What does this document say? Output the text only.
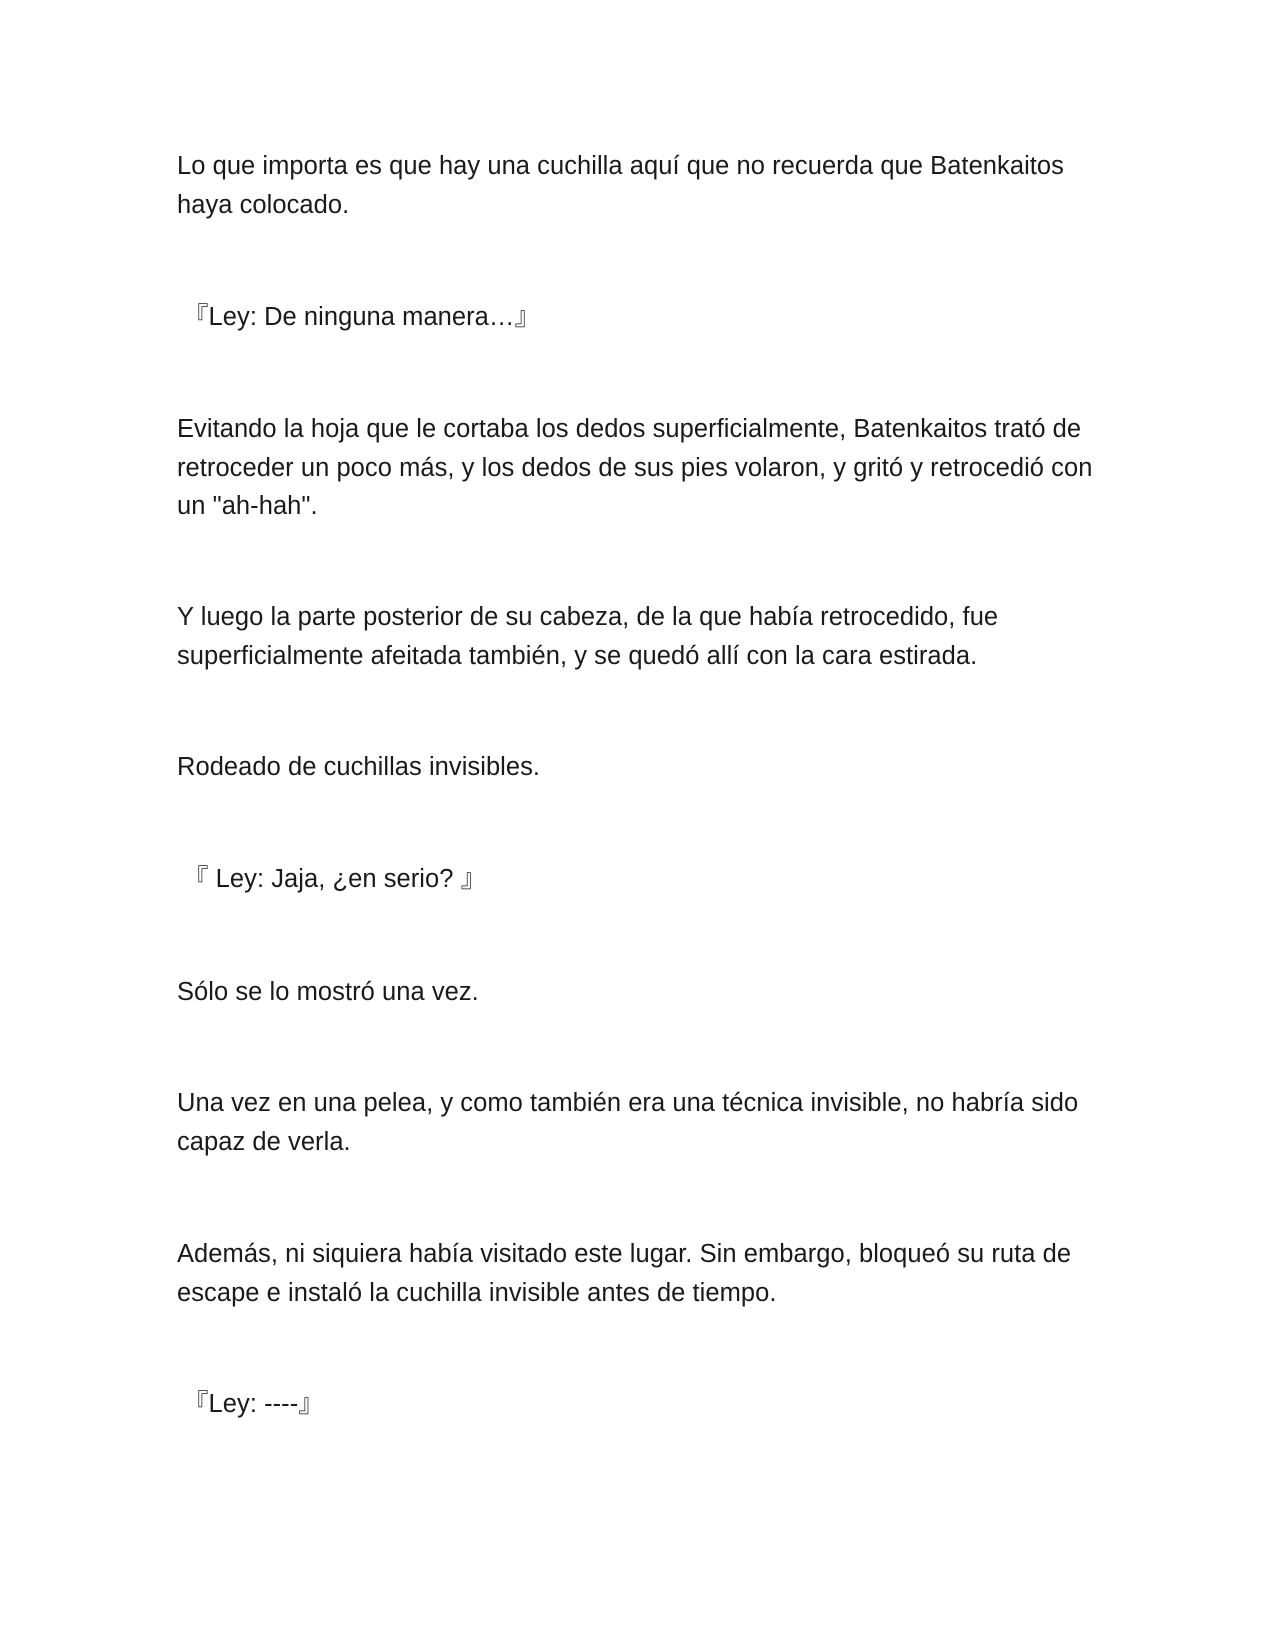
Lo que importa es que hay una cuchilla aquí que no recuerda que Batenkaitos haya colocado.

『Ley: De ninguna manera…』

Evitando la hoja que le cortaba los dedos superficialmente, Batenkaitos trató de retroceder un poco más, y los dedos de sus pies volaron, y gritó y retrocedió con un "ah-hah".

Y luego la parte posterior de su cabeza, de la que había retrocedido, fue superficialmente afeitada también, y se quedó allí con la cara estirada.

Rodeado de cuchillas invisibles.

『 Ley: Jaja, ¿en serio? 』

Sólo se lo mostró una vez.

Una vez en una pelea, y como también era una técnica invisible, no habría sido capaz de verla.

Además, ni siquiera había visitado este lugar. Sin embargo, bloqueó su ruta de escape e instaló la cuchilla invisible antes de tiempo.

『Ley: ----』
